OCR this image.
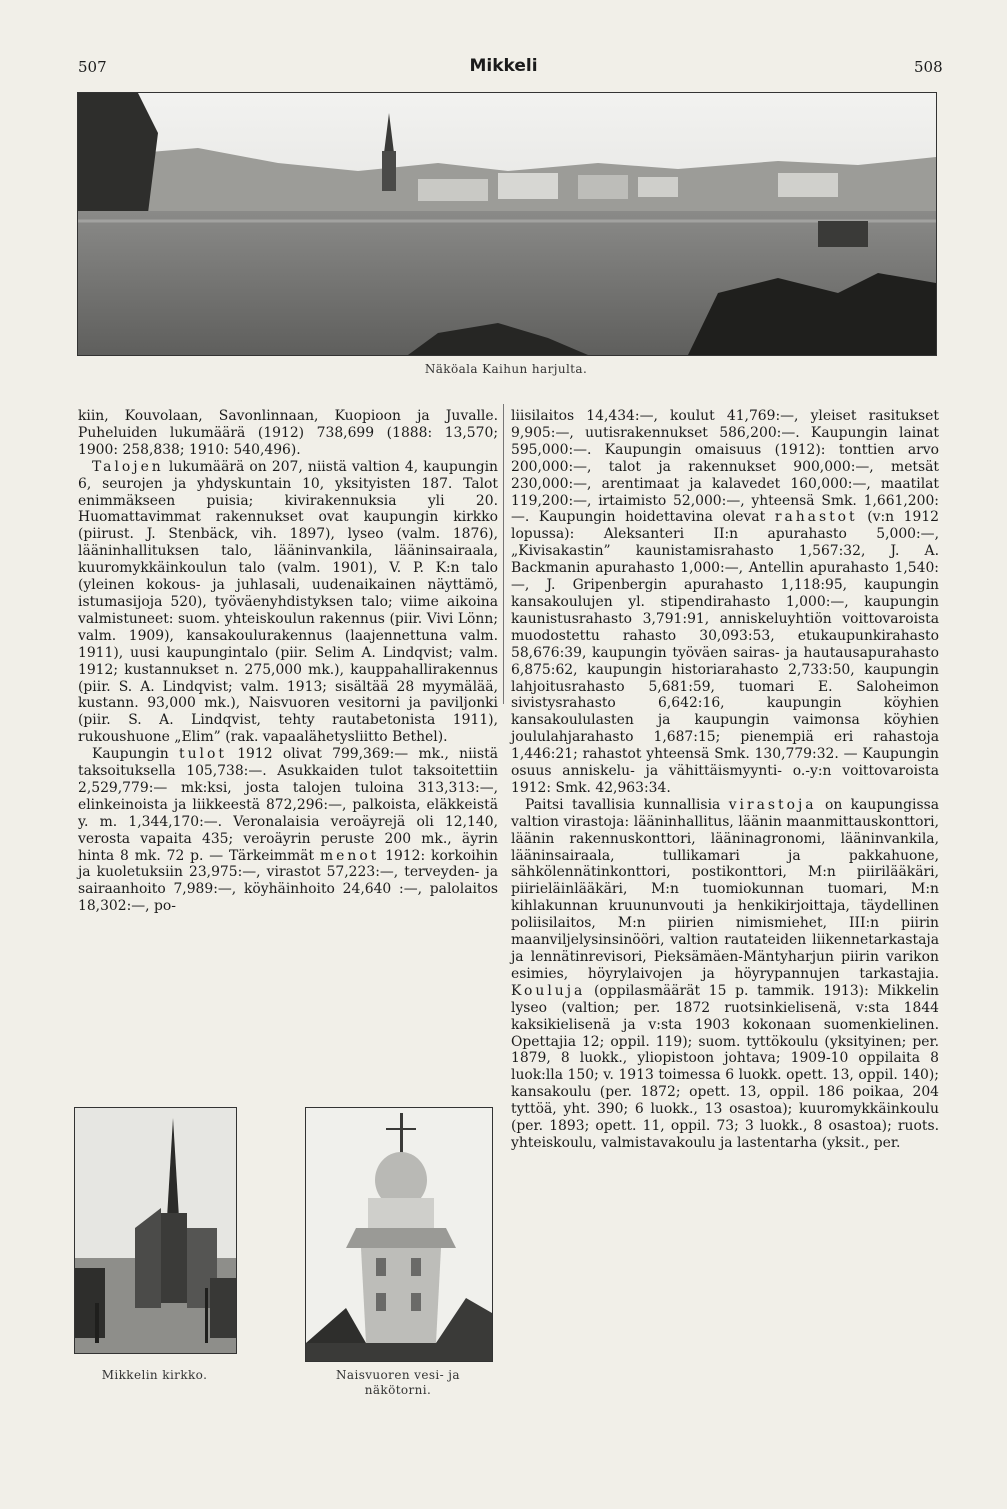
507	Mikkeli	508
Näköala Kaihun harjulta.

kiin, Kouvolaan, Savonlinnaan, Kuopioon ja Juvalle. Puheluiden lukumäärä (1912) 738,699 (1888: 13,570; 1900: 258,838; 1910: 540,496).

Talojen lukumäärä on 207, niistä valtion 4, kaupungin 6, seurojen ja yhdyskuntain 10, yksityisten 187. Talot enimmäkseen puisia; kivirakennuksia yli 20. Huomattavimmat rakennukset ovat kaupungin kirkko (piirust. J. Stenbäck, vih. 1897), lyseo (valm. 1876), lääninhallituksen talo, lääninvankila, lääninsairaala, kuuromykkäinkoulun talo (valm. 1901), V. P. K:n talo (yleinen kokous- ja juhlasali, uudenaikainen näyttämö, istumasijoja 520), työväenyhdistyksen talo; viime aikoina valmistuneet: suom. yhteiskoulun rakennus (piir. Vivi Lönn; valm. 1909), kansakoulurakennus (laajennettuna valm. 1911), uusi kaupungintalo (piir. Selim A. Lindqvist; valm. 1912; kustannukset n. 275,000 mk.), kauppahallirakennus (piir. S. A. Lindqvist; valm. 1913; sisältää 28 myymälää, kustann. 93,000 mk.), Naisvuoren vesitorni ja paviljonki (piir. S. A. Lindqvist, tehty rautabetonista 1911), rukoushuone „Elim” (rak. vapaalähetysliitto Bethel).

Kaupungin tulot 1912 olivat 799,369:— mk., niistä taksoituksella 105,738:—. Asukkaiden tulot taksoitettiin 2,529,779:— mk:ksi, josta talojen tuloina 313,313:—, elinkeinoista ja liikkeestä 872,296:—, palkoista, eläkkeistä y. m. 1,344,170:—. Veronalaisia veroäyrejä oli 12,140, verosta vapaita 435; veroäyrin peruste 200 mk., äyrin hinta 8 mk. 72 p. — Tärkeimmät menot 1912: korkoihin ja kuoletuksiin 23,975:—, virastot 57,223:—, terveyden- ja sairaanhoito 7,989:—, köyhäinhoito 24,640 :—, palolaitos 18,302:—, po-

liisilaitos 14,434:—, koulut 41,769:—, yleiset rasitukset 9,905:—, uutisrakennukset 586,200:—. Kaupungin lainat 595,000:—. Kaupungin omaisuus (1912): tonttien arvo 200,000:—, talot ja rakennukset 900,000:—, metsät 230,000:—, arentimaat ja kalavedet 160,000:—, maatilat 119,200:—, irtaimisto 52,000:—, yhteensä Smk. 1,661,200:—. Kaupungin hoidettavina olevat rahastot (v:n 1912 lopussa): Aleksanteri II:n apurahasto 5,000:—, „Kivisakastin” kaunistamisrahasto 1,567:32, J. A. Backmanin apurahasto 1,000:—, Antellin apurahasto 1,540:—, J. Gripenbergin apurahasto 1,118:95, kaupungin kansakoulujen yl. stipendirahasto 1,000:—, kaupungin kaunistusrahasto 3,791:91, anniskeluyhtiön voittovaroista muodostettu rahasto 30,093:53, etukaupunkirahasto 58,676:39, kaupungin työväen sairas- ja hautausapurahasto 6,875:62, kaupungin historiarahasto 2,733:50, kaupungin lahjoitusrahasto 5,681:59, tuomari E. Saloheimon sivistysrahasto 6,642:16, kaupungin köyhien kansakoululasten ja kaupungin vaimonsa köyhien joululahjarahasto 1,687:15; pienempiä eri rahastoja 1,446:21; rahastot yhteensä Smk. 130,779:32. — Kaupungin osuus anniskelu- ja vähittäismyynti- o.-y:n voittovaroista 1912: Smk. 42,963:34.

Paitsi tavallisia kunnallisia virastoja on kaupungissa valtion virastoja: lääninhallitus, läänin maanmittauskonttori, läänin rakennuskonttori, lääninagronomi, lääninvankila, lääninsairaala, tullikamari ja pakkahuone, sähkölennätinkonttori, postikonttori, M:n piirilääkäri, piirieläinlääkäri, M:n tuomiokunnan tuomari, M:n kihlakunnan kruununvouti ja henkikirjoittaja, täydellinen poliisilaitos, M:n piirien nimismiehet, III:n piirin maanviljelysinsinööri, valtion rautateiden liikennetarkastaja ja lennätinrevisori, Pieksämäen-Mäntyharjun piirin varikon esimies, höyrylaivojen ja höyrypannujen tarkastajia. Kouluja (oppilasmäärät 15 p. tammik. 1913): Mikkelin lyseo (valtion; per. 1872 ruotsinkielisenä, v:sta 1844 kaksikielisenä ja v:sta 1903 kokonaan suomenkielinen. Opettajia 12; oppil. 119); suom. tyttökoulu (yksityinen; per. 1879, 8 luokk., yliopistoon johtava; 1909-10 oppilaita 8 luok:lla 150; v. 1913 toimessa 6 luokk. opett. 13, oppil. 140); kansakoulu (per. 1872; opett. 13, oppil. 186 poikaa, 204 tyttöä, yht. 390; 6 luokk., 13 osastoa); kuuromykkäinkoulu (per. 1893; opett. 11, oppil. 73; 3 luokk., 8 osastoa); ruots. yhteiskoulu, valmistavakoulu ja lastentarha (yksit., per.

Mikkelin kirkko.	Naisvuoren vesi- ja
näkötorni.
